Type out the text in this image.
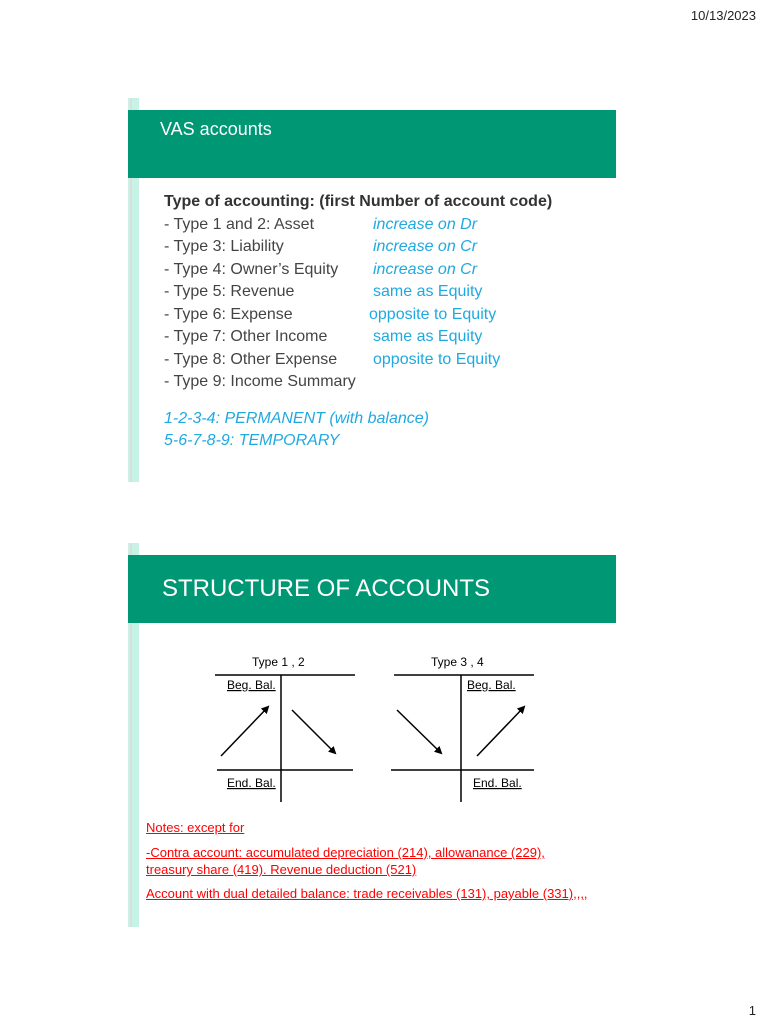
10/13/2023
VAS accounts
Type of accounting: (first Number of account code)
- Type 1 and 2: Asset	increase on Dr
- Type 3: Liability	increase on Cr
- Type 4: Owner’s Equity increase on Cr
- Type 5: Revenue	same as Equity
- Type 6: Expense	opposite to Equity
- Type 7: Other Income	same as Equity
- Type 8: Other Expense opposite to Equity
- Type 9: Income Summary
1-2-3-4: PERMANENT (with balance)
5-6-7-8-9: TEMPORARY
STRUCTURE OF ACCOUNTS
Type 1 , 2
Beg. Bal.
End. Bal.
Type 3 , 4
Beg. Bal.
End. Bal.
Notes: except for
-Contra account: accumulated depreciation (214), allowanance (229),
treasury share (419). Revenue deduction (521)
Account with dual detailed balance: trade receivables (131), payable (331),,,,
1
